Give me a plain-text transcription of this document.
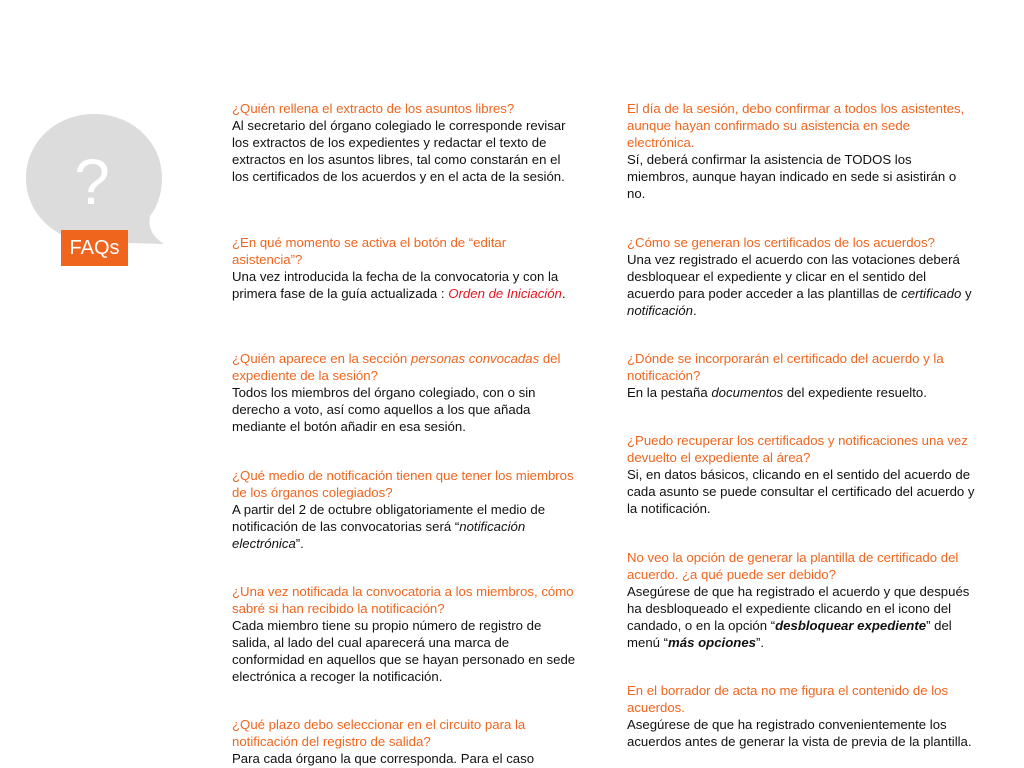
?
FAQs
¿Quién rellena el extracto de los asuntos libres?
Al secretario del órgano colegiado le corresponde revisar los extractos de los expedientes y redactar el texto de extractos en los asuntos libres, tal como constarán en el los certificados de los acuerdos y en el acta de la sesión.
¿En qué momento se activa el botón de “editar asistencia”?
Una vez introducida la fecha de la convocatoria y con la primera fase de la guía actualizada : Orden de Iniciación.
¿Quién aparece en la sección personas convocadas del expediente de la sesión?
Todos los miembros del órgano colegiado, con o sin derecho a voto, así como aquellos a los que añada mediante el botón añadir en esa sesión.
¿Qué medio de notificación tienen que tener los miembros de los órganos colegiados?
A partir del 2 de octubre obligatoriamente el medio de notificación de las convocatorias será “notificación electrónica”.
¿Una vez notificada la convocatoria a los miembros, cómo sabré si han recibido la notificación?
Cada miembro tiene su propio número de registro de salida, al lado del cual aparecerá una marca de conformidad en aquellos que se hayan personado en sede electrónica a recoger la notificación.
¿Qué plazo debo seleccionar en el circuito para la notificación del registro de salida?
Para cada órgano la que corresponda. Para el caso
El día de la sesión, debo confirmar a todos los asistentes, aunque hayan confirmado su asistencia en sede electrónica.
Sí, deberá confirmar la asistencia de TODOS los miembros, aunque hayan indicado en sede si asistirán o no.
¿Cómo se generan los certificados de los acuerdos?
Una vez registrado el acuerdo con las votaciones deberá desbloquear el expediente y clicar en el sentido del acuerdo para poder acceder a las plantillas de certificado y notificación.
¿Dónde se incorporarán el certificado del acuerdo y la notificación?
En la pestaña documentos del expediente resuelto.
¿Puedo recuperar los certificados y notificaciones una vez devuelto el expediente al área?
Si, en datos básicos, clicando en el sentido del acuerdo de cada asunto se puede consultar el certificado del acuerdo y la notificación.
No veo la opción de generar la plantilla de certificado del acuerdo. ¿a qué puede ser debido?
Asegúrese de que ha registrado el acuerdo y que después ha desbloqueado el expediente clicando en el icono del candado, o en la opción “desbloquear expediente” del menú “más opciones”.
En el borrador de acta no me figura el contenido de los acuerdos.
Asegúrese de que ha registrado convenientemente los acuerdos antes de generar la vista de previa de la plantilla.
